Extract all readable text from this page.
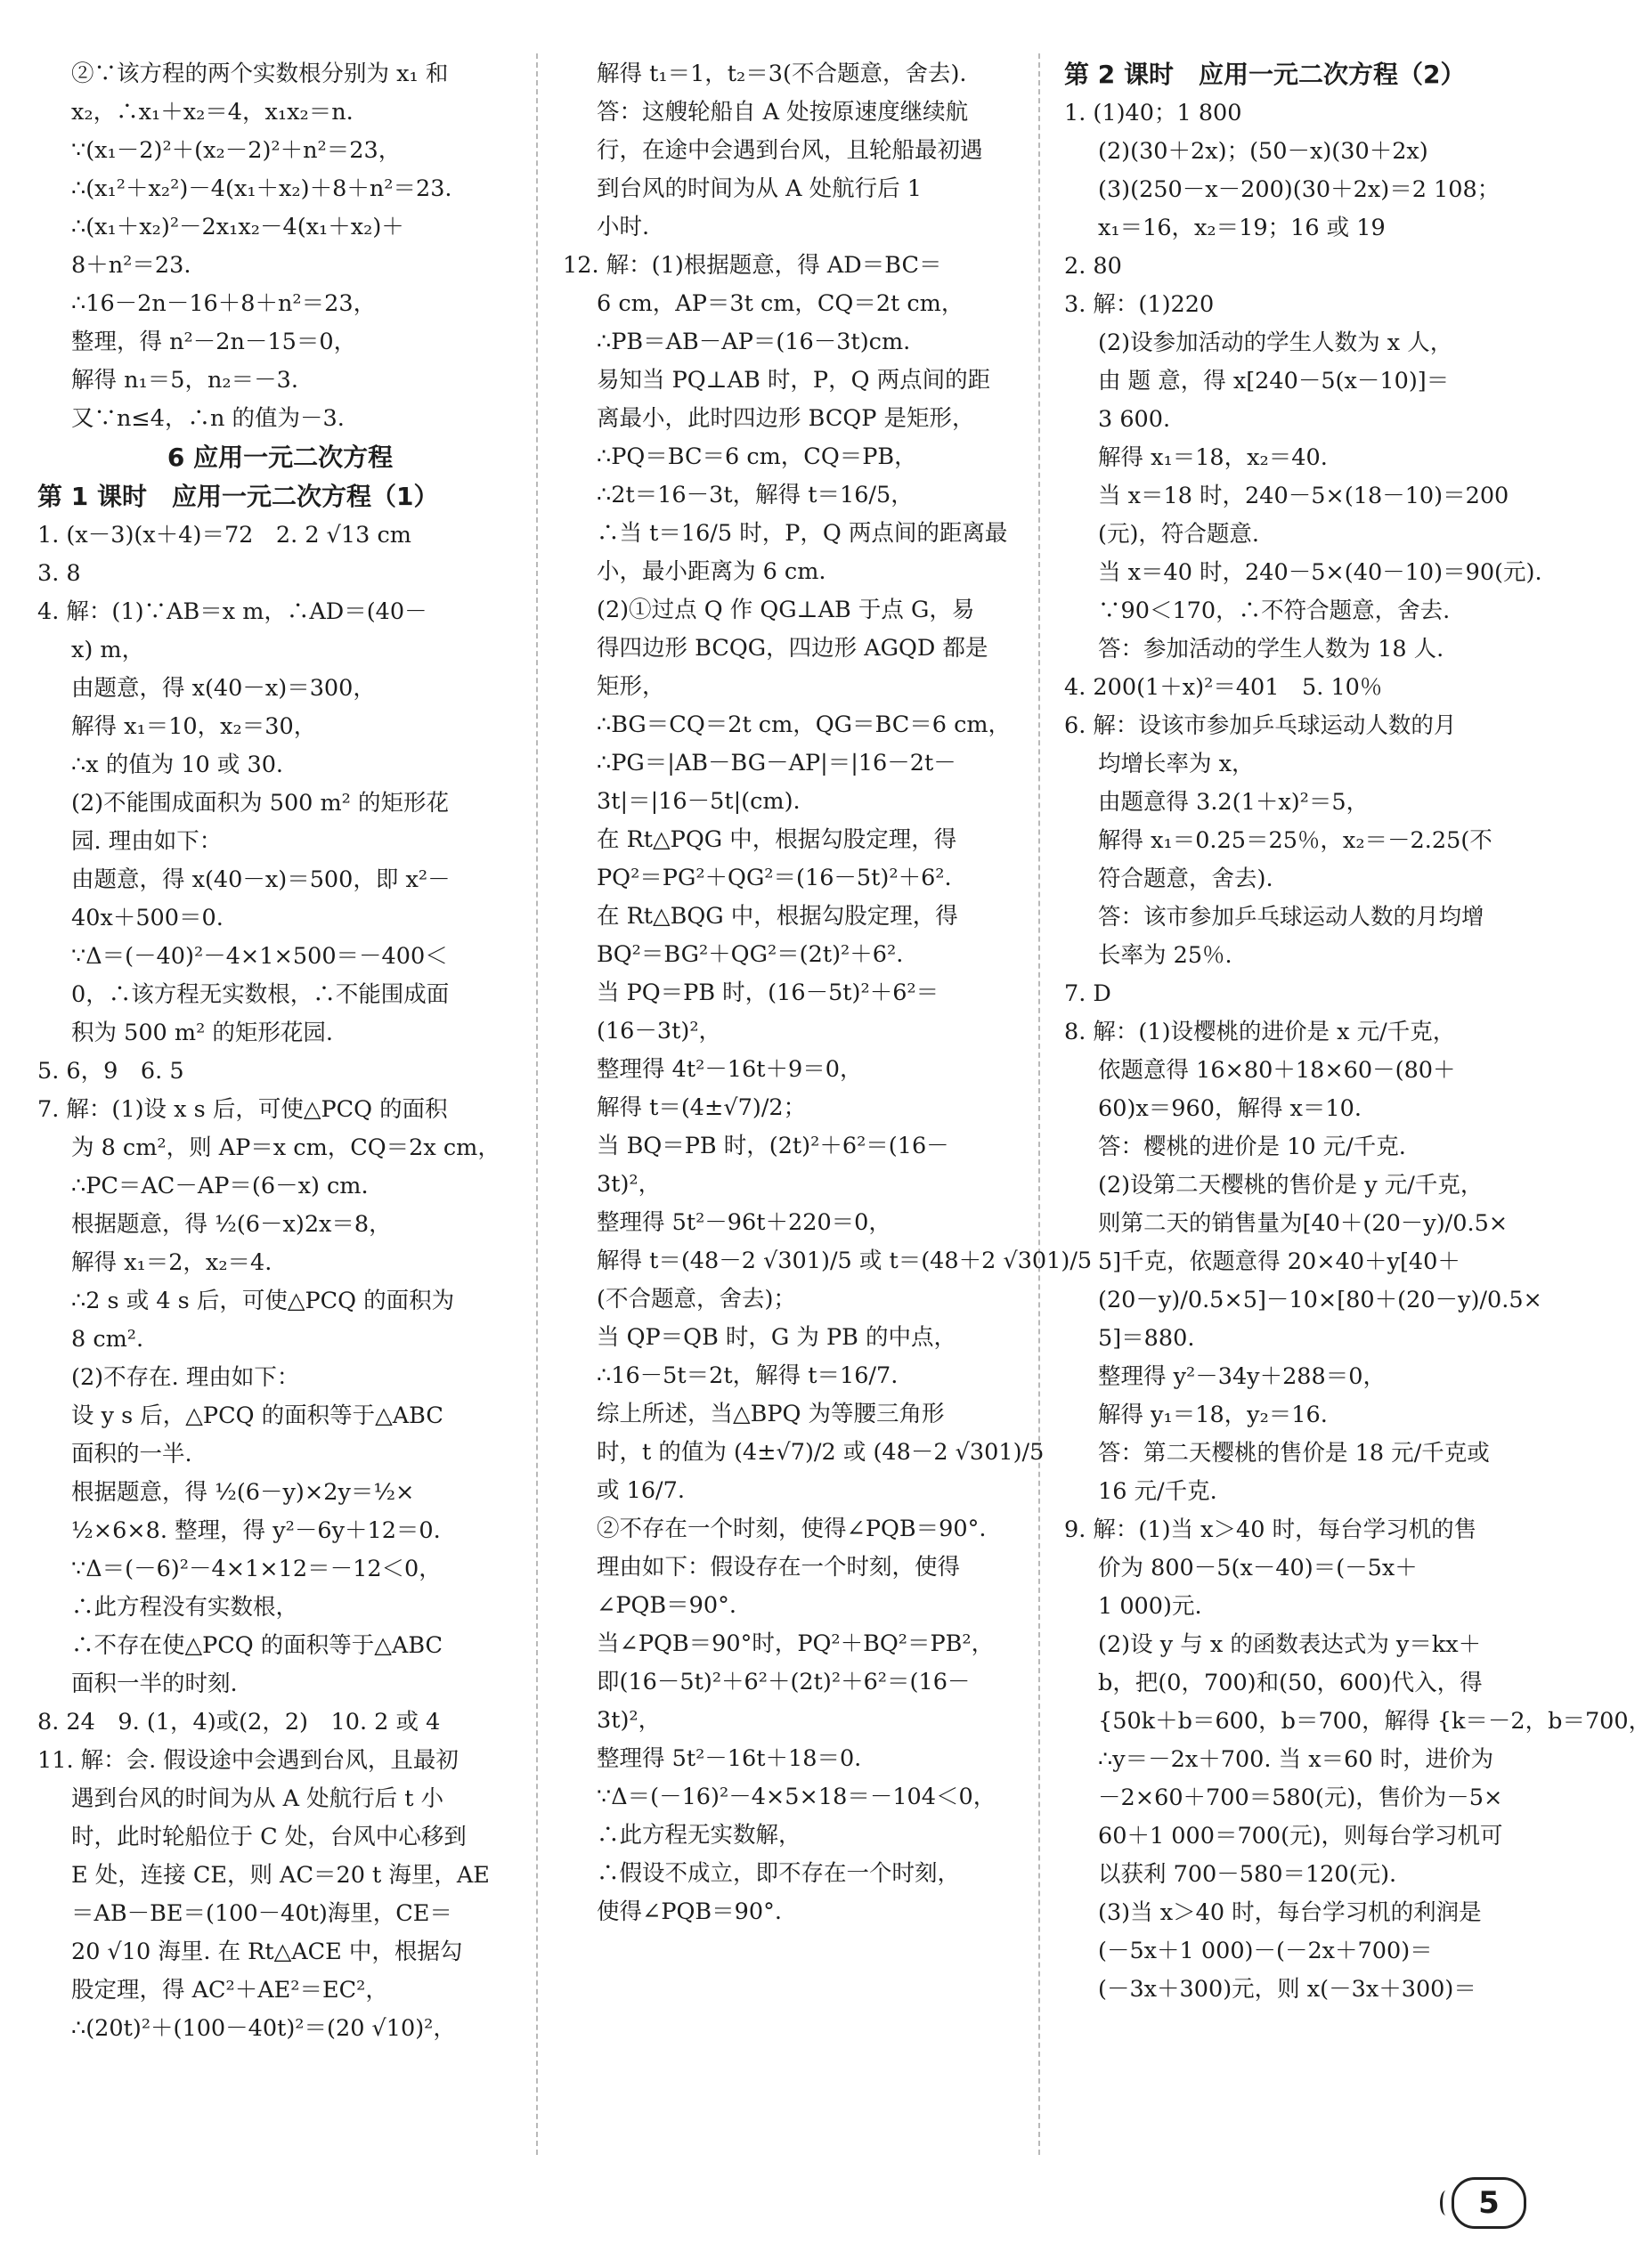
②∵该方程的两个实数根分别为 x₁ 和
x₂，∴x₁＋x₂＝4，x₁x₂＝n.
∵(x₁－2)²＋(x₂－2)²＋n²＝23，
∴(x₁²＋x₂²)－4(x₁＋x₂)＋8＋n²＝23.
∴(x₁＋x₂)²－2x₁x₂－4(x₁＋x₂)＋
8＋n²＝23.
∴16－2n－16＋8＋n²＝23，
整理，得 n²－2n－15＝0，
解得 n₁＝5，n₂＝－3.
又∵n≤4，∴n 的值为－3.
6 应用一元二次方程
第 1 课时　应用一元二次方程（1）
1. (x－3)(x＋4)＝72　2. 2 √13 cm
3. 8
4. 解：(1)∵AB＝x m，∴AD＝(40－
x) m，
由题意，得 x(40－x)＝300，
解得 x₁＝10，x₂＝30，
∴x 的值为 10 或 30.
(2)不能围成面积为 500 m² 的矩形花
园. 理由如下：
由题意，得 x(40－x)＝500，即 x²－
40x＋500＝0.
∵Δ＝(－40)²－4×1×500＝－400＜
0，∴该方程无实数根，∴不能围成面
积为 500 m² 的矩形花园.
5. 6，9　6. 5
7. 解：(1)设 x s 后，可使△PCQ 的面积
为 8 cm²，则 AP＝x cm，CQ＝2x cm，
∴PC＝AC－AP＝(6－x) cm.
根据题意，得 ½(6－x)2x＝8，
解得 x₁＝2，x₂＝4.
∴2 s 或 4 s 后，可使△PCQ 的面积为
8 cm².
(2)不存在. 理由如下：
设 y s 后，△PCQ 的面积等于△ABC
面积的一半.
根据题意，得 ½(6－y)×2y＝½×
½×6×8. 整理，得 y²－6y＋12＝0.
∵Δ＝(－6)²－4×1×12＝－12＜0，
∴此方程没有实数根，
∴不存在使△PCQ 的面积等于△ABC
面积一半的时刻.
8. 24　9. (1，4)或(2，2)　10. 2 或 4
11. 解：会. 假设途中会遇到台风，且最初
遇到台风的时间为从 A 处航行后 t 小
时，此时轮船位于 C 处，台风中心移到
E 处，连接 CE，则 AC＝20 t 海里，AE
＝AB－BE＝(100－40t)海里，CE＝
20 √10 海里. 在 Rt△ACE 中，根据勾
股定理，得 AC²＋AE²＝EC²，
∴(20t)²＋(100－40t)²＝(20 √10)²，
解得 t₁＝1，t₂＝3(不合题意，舍去).
答：这艘轮船自 A 处按原速度继续航
行，在途中会遇到台风，且轮船最初遇
到台风的时间为从 A 处航行后 1
小时.
12. 解：(1)根据题意，得 AD＝BC＝
6 cm，AP＝3t cm，CQ＝2t cm，
∴PB＝AB－AP＝(16－3t)cm.
易知当 PQ⊥AB 时，P，Q 两点间的距
离最小，此时四边形 BCQP 是矩形，
∴PQ＝BC＝6 cm，CQ＝PB，
∴2t＝16－3t，解得 t＝16/5，
∴当 t＝16/5 时，P，Q 两点间的距离最
小，最小距离为 6 cm.
(2)①过点 Q 作 QG⊥AB 于点 G，易
得四边形 BCQG，四边形 AGQD 都是
矩形，
∴BG＝CQ＝2t cm，QG＝BC＝6 cm，
∴PG＝|AB－BG－AP|＝|16－2t－
3t|＝|16－5t|(cm).
在 Rt△PQG 中，根据勾股定理，得
PQ²＝PG²＋QG²＝(16－5t)²＋6².
在 Rt△BQG 中，根据勾股定理，得
BQ²＝BG²＋QG²＝(2t)²＋6².
当 PQ＝PB 时，(16－5t)²＋6²＝
(16－3t)²，
整理得 4t²－16t＋9＝0，
解得 t＝(4±√7)/2；
当 BQ＝PB 时，(2t)²＋6²＝(16－
3t)²，
整理得 5t²－96t＋220＝0，
解得 t＝(48－2 √301)/5 或 t＝(48＋2 √301)/5
(不合题意，舍去)；
当 QP＝QB 时，G 为 PB 的中点，
∴16－5t＝2t，解得 t＝16/7.
综上所述，当△BPQ 为等腰三角形
时，t 的值为 (4±√7)/2 或 (48－2 √301)/5
或 16/7.
②不存在一个时刻，使得∠PQB＝90°.
理由如下：假设存在一个时刻，使得
∠PQB＝90°.
当∠PQB＝90°时，PQ²＋BQ²＝PB²，
即(16－5t)²＋6²＋(2t)²＋6²＝(16－
3t)²，
整理得 5t²－16t＋18＝0.
∵Δ＝(－16)²－4×5×18＝－104＜0，
∴此方程无实数解，
∴假设不成立，即不存在一个时刻，
使得∠PQB＝90°.
第 2 课时　应用一元二次方程（2）
1. (1)40；1 800
(2)(30＋2x)；(50－x)(30＋2x)
(3)(250－x－200)(30＋2x)＝2 108；
x₁＝16，x₂＝19；16 或 19
2. 80
3. 解：(1)220
(2)设参加活动的学生人数为 x 人，
由 题 意，得 x[240－5(x－10)]＝
3 600.
解得 x₁＝18，x₂＝40.
当 x＝18 时，240－5×(18－10)＝200
(元)，符合题意.
当 x＝40 时，240－5×(40－10)＝90(元).
∵90＜170，∴不符合题意，舍去.
答：参加活动的学生人数为 18 人.
4. 200(1＋x)²＝401　5. 10％
6. 解：设该市参加乒乓球运动人数的月
均增长率为 x，
由题意得 3.2(1＋x)²＝5，
解得 x₁＝0.25＝25％，x₂＝－2.25(不
符合题意，舍去).
答：该市参加乒乓球运动人数的月均增
长率为 25％.
7. D
8. 解：(1)设樱桃的进价是 x 元/千克，
依题意得 16×80＋18×60－(80＋
60)x＝960，解得 x＝10.
答：樱桃的进价是 10 元/千克.
(2)设第二天樱桃的售价是 y 元/千克，
则第二天的销售量为[40＋(20－y)/0.5×
5]千克，依题意得 20×40＋y[40＋
(20－y)/0.5×5]－10×[80＋(20－y)/0.5×
5]＝880.
整理得 y²－34y＋288＝0，
解得 y₁＝18，y₂＝16.
答：第二天樱桃的售价是 18 元/千克或
16 元/千克.
9. 解：(1)当 x＞40 时，每台学习机的售
价为 800－5(x－40)＝(－5x＋
1 000)元.
(2)设 y 与 x 的函数表达式为 y＝kx＋
b，把(0，700)和(50，600)代入，得
{50k＋b＝600，b＝700，解得 {k＝－2，b＝700，
∴y＝－2x＋700. 当 x＝60 时，进价为
－2×60＋700＝580(元)，售价为－5×
60＋1 000＝700(元)，则每台学习机可
以获利 700－580＝120(元).
(3)当 x＞40 时，每台学习机的利润是
(－5x＋1 000)－(－2x＋700)＝
(－3x＋300)元，则 x(－3x＋300)＝
5
